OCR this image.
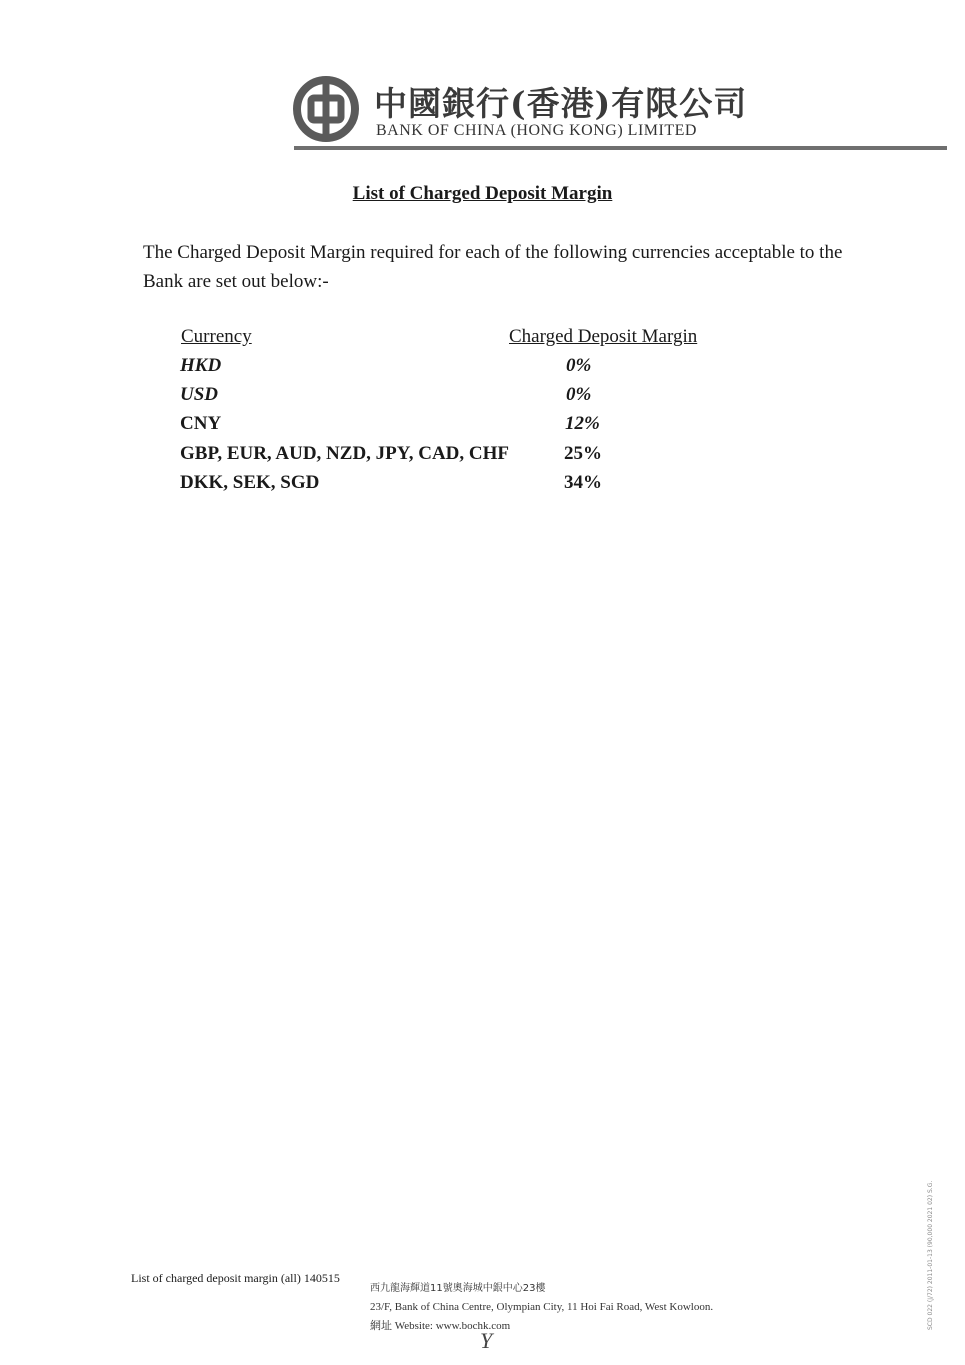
中國銀行(香港)有限公司
BANK OF CHINA (HONG KONG) LIMITED
List of Charged Deposit Margin
The Charged Deposit Margin required for each of the following currencies acceptable to the Bank are set out below:-
Currency	Charged Deposit Margin
HKD	0%
USD	0%
CNY	12%
GBP, EUR, AUD, NZD, JPY, CAD, CHF	25%
DKK, SEK, SGD	34%
List of charged deposit margin (all) 140515
西九龍海輝道11號奧海城中銀中心23樓
23/F, Bank of China Centre, Olympian City, 11 Hoi Fai Road, West Kowloon.
網址 Website: www.bochk.com
Y
SCD 022 (J/72) 2011-01-13 (90,000 2021 02) S.G.
